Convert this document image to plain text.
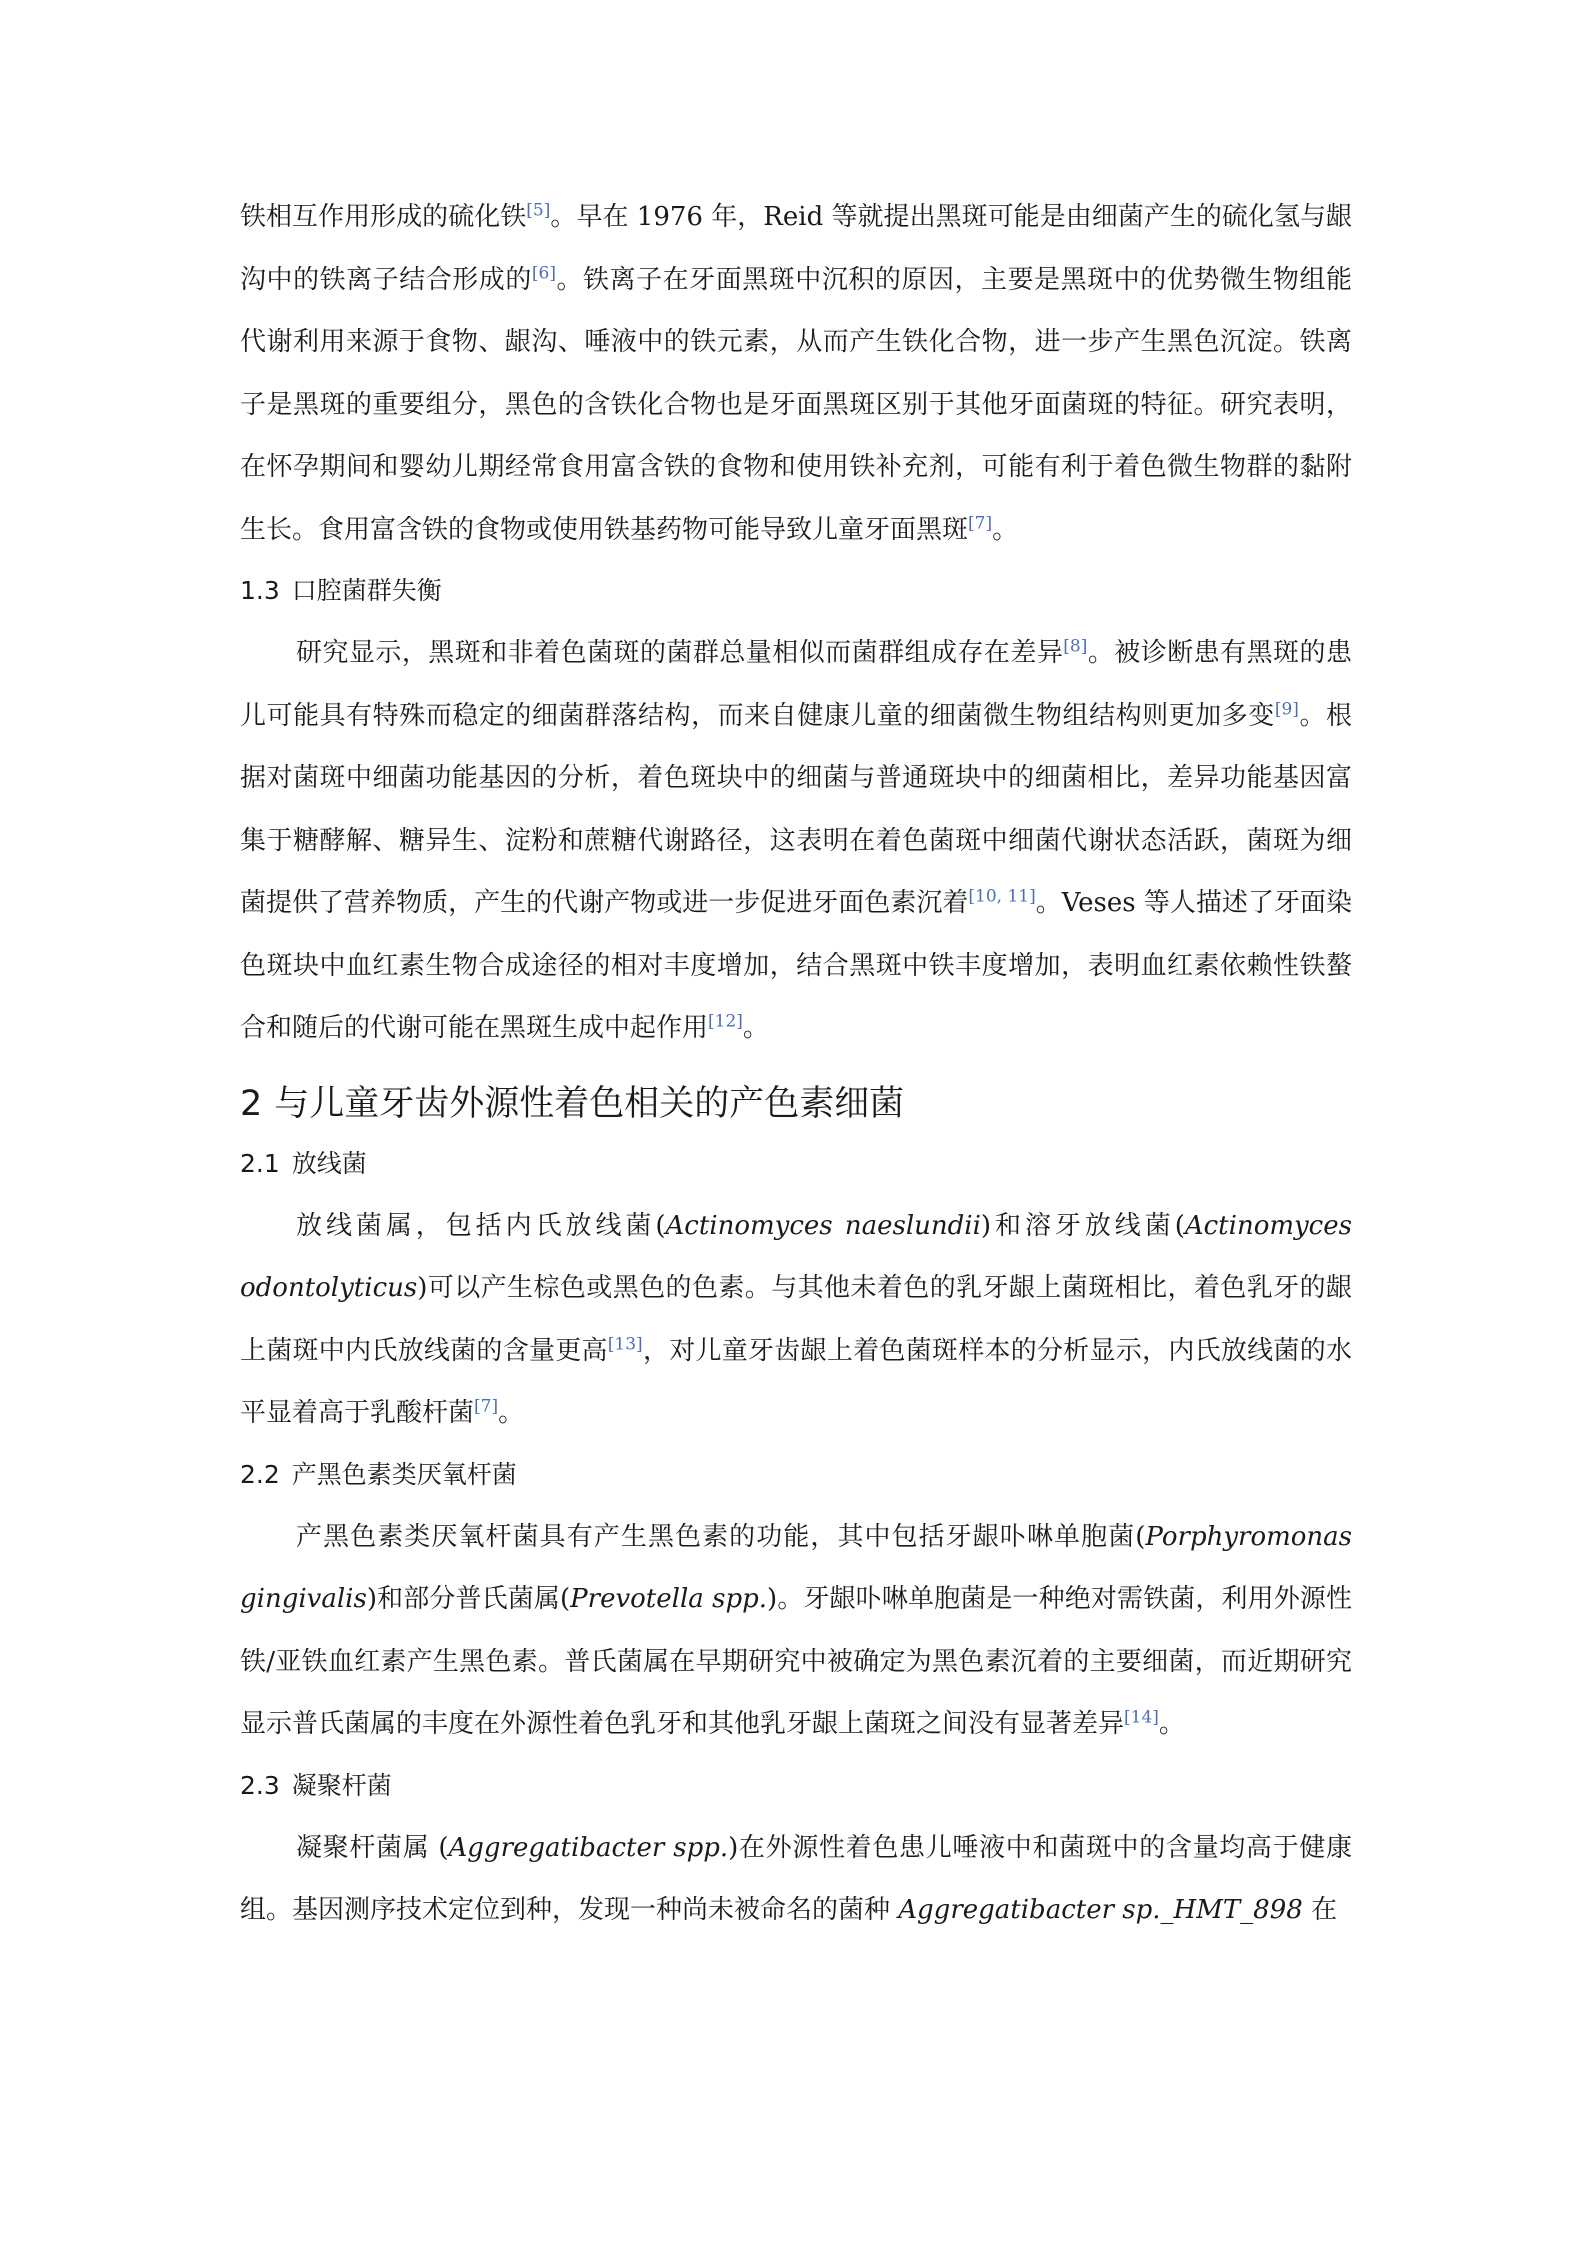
铁相互作用形成的硫化铁[5]。早在 1976 年，Reid 等就提出黑斑可能是由细菌产生的硫化氢与龈沟中的铁离子结合形成的[6]。铁离子在牙面黑斑中沉积的原因，主要是黑斑中的优势微生物组能代谢利用来源于食物、龈沟、唾液中的铁元素，从而产生铁化合物，进一步产生黑色沉淀。铁离子是黑斑的重要组分，黑色的含铁化合物也是牙面黑斑区别于其他牙面菌斑的特征。研究表明，在怀孕期间和婴幼儿期经常食用富含铁的食物和使用铁补充剂，可能有利于着色微生物群的黏附生长。食用富含铁的食物或使用铁基药物可能导致儿童牙面黑斑[7]。

1.3 口腔菌群失衡

研究显示，黑斑和非着色菌斑的菌群总量相似而菌群组成存在差异[8]。被诊断患有黑斑的患儿可能具有特殊而稳定的细菌群落结构，而来自健康儿童的细菌微生物组结构则更加多变[9]。根据对菌斑中细菌功能基因的分析，着色斑块中的细菌与普通斑块中的细菌相比，差异功能基因富集于糖酵解、糖异生、淀粉和蔗糖代谢路径，这表明在着色菌斑中细菌代谢状态活跃，菌斑为细菌提供了营养物质，产生的代谢产物或进一步促进牙面色素沉着[10, 11]。Veses 等人描述了牙面染色斑块中血红素生物合成途径的相对丰度增加，结合黑斑中铁丰度增加，表明血红素依赖性铁螯合和随后的代谢可能在黑斑生成中起作用[12]。

2 与儿童牙齿外源性着色相关的产色素细菌
2.1 放线菌

放线菌属，包括内氏放线菌(Actinomyces naeslundii)和溶牙放线菌(Actinomyces odontolyticus)可以产生棕色或黑色的色素。与其他未着色的乳牙龈上菌斑相比，着色乳牙的龈上菌斑中内氏放线菌的含量更高[13]，对儿童牙齿龈上着色菌斑样本的分析显示，内氏放线菌的水平显着高于乳酸杆菌[7]。

2.2 产黑色素类厌氧杆菌

产黑色素类厌氧杆菌具有产生黑色素的功能，其中包括牙龈卟啉单胞菌(Porphyromonas gingivalis)和部分普氏菌属(Prevotella spp.)。牙龈卟啉单胞菌是一种绝对需铁菌，利用外源性铁/亚铁血红素产生黑色素。普氏菌属在早期研究中被确定为黑色素沉着的主要细菌，而近期研究显示普氏菌属的丰度在外源性着色乳牙和其他乳牙龈上菌斑之间没有显著差异[14]。

2.3 凝聚杆菌

凝聚杆菌属 (Aggregatibacter spp.)在外源性着色患儿唾液中和菌斑中的含量均高于健康组。基因测序技术定位到种，发现一种尚未被命名的菌种 Aggregatibacter sp._HMT_898 在
